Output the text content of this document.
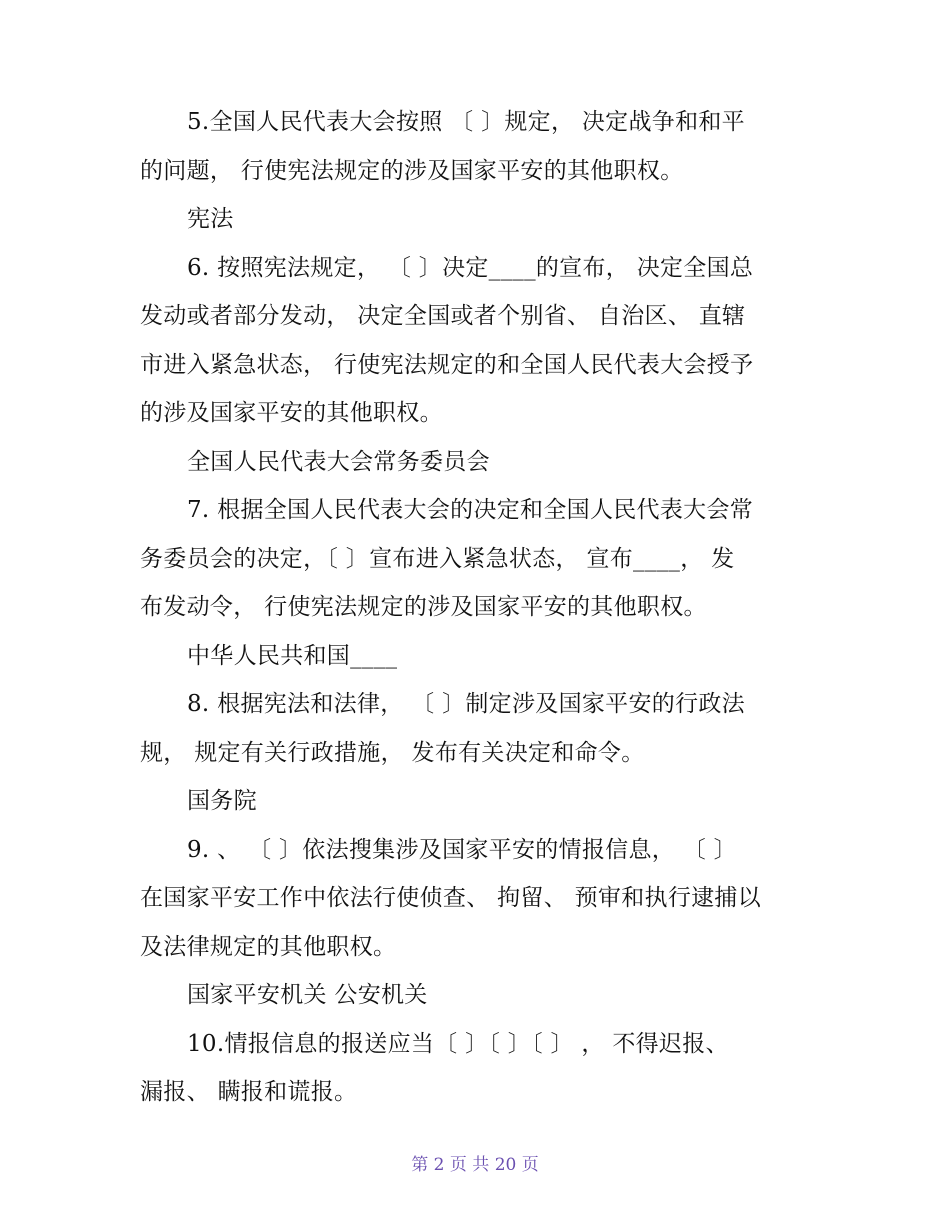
5.全国人民代表大会按照 〔 〕规定， 决定战争和和平
的问题， 行使宪法规定的涉及国家平安的其他职权。
宪法
6. 按照宪法规定， 〔 〕决定____的宣布， 决定全国总
发动或者部分发动， 决定全国或者个别省、 自治区、 直辖
市进入紧急状态， 行使宪法规定的和全国人民代表大会授予
的涉及国家平安的其他职权。
全国人民代表大会常务委员会
7. 根据全国人民代表大会的决定和全国人民代表大会常
务委员会的决定，〔 〕宣布进入紧急状态， 宣布____， 发
布发动令， 行使宪法规定的涉及国家平安的其他职权。
中华人民共和国____
8. 根据宪法和法律， 〔 〕制定涉及国家平安的行政法
规， 规定有关行政措施， 发布有关决定和命令。
国务院
9. 、 〔 〕依法搜集涉及国家平安的情报信息， 〔 〕
在国家平安工作中依法行使侦查、 拘留、 预审和执行逮捕以
及法律规定的其他职权。
国家平安机关 公安机关
10.情报信息的报送应当〔 〕〔 〕〔 〕 ， 不得迟报、
漏报、 瞒报和谎报。
第 2 页 共 20 页
